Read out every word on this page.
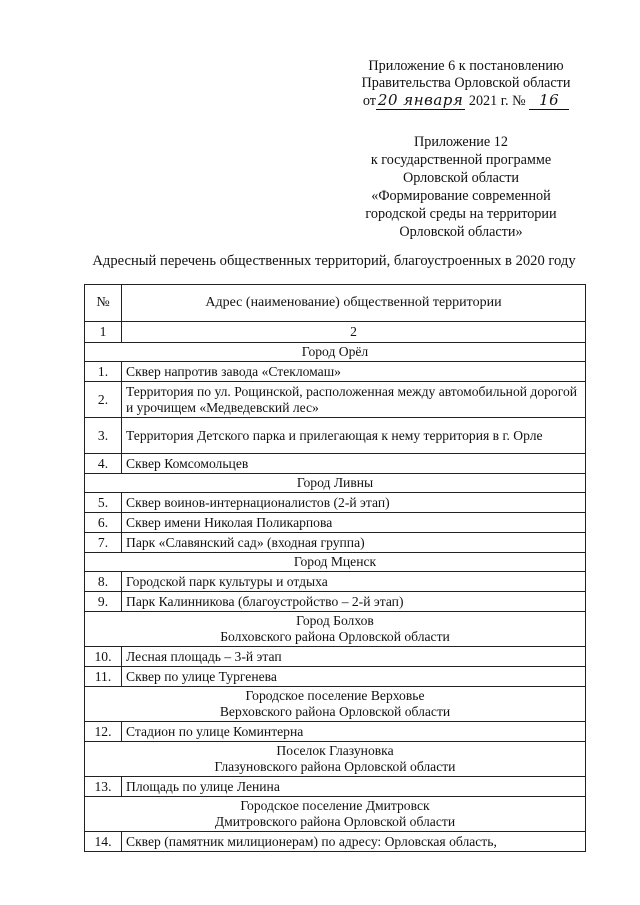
Приложение 6 к постановлению
Правительства Орловской области
от 20 января 2021 г. № 16
Приложение 12
к государственной программе
Орловской области
«Формирование современной
городской среды на территории
Орловской области»
Адресный перечень общественных территорий, благоустроенных в 2020 году
№	Адрес (наименование) общественной территории
1	2

Город Орёл	

1.	Сквер напротив завода «Стекломаш»
2.	Территория по ул. Рощинской, расположенная между автомобильной дорогой и урочищем «Медведевский лес»
3.	Территория Детского парка и прилегающая к нему территория в г. Орле
4.	Сквер Комсомольцев

Город Ливны	

5.	Сквер воинов-интернационалистов (2-й этап)
6.	Сквер имени Николая Поликарпова
7.	Парк «Славянский сад» (входная группа)

Город Мценск	

8.	Городской парк культуры и отдыха
9.	Парк Калинникова (благоустройство – 2-й этап)

Город Болхов
Болховского района Орловской области	

10.	Лесная площадь – 3-й этап
11.	Сквер по улице Тургенева

Городское поселение Верховье
Верховского района Орловской области	

12.	Стадион по улице Коминтерна

Поселок Глазуновка
Глазуновского района Орловской области	

13.	Площадь по улице Ленина

Городское поселение Дмитровск
Дмитровского района Орловской области	

14.	Сквер (памятник милиционерам) по адресу: Орловская область,
